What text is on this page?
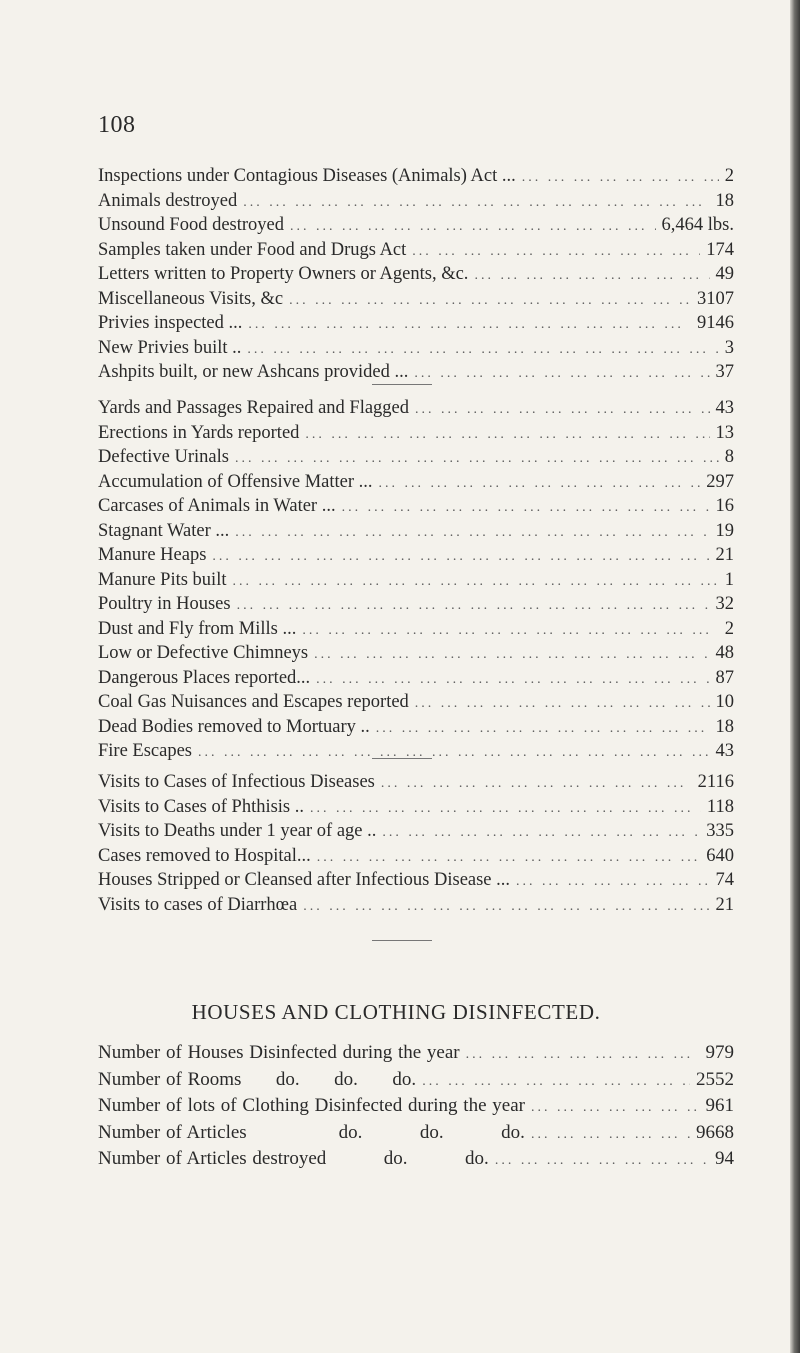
108
Inspections under Contagious Diseases (Animals) Act ... ... .	2
Animals destroyed ... .	18
Unsound Food destroyed ... .	6,464 lbs.
Samples taken under Food and Drugs Act ... .	174
Letters written to Property Owners or Agents, &c. ... .	49
Miscellaneous Visits, &c ... .	3107
Privies inspected ... ... .	9146
New Privies built .. ... .	3
Ashpits built, or new Ashcans provided ... ... .	37
Yards and Passages Repaired and Flagged ... .	43
Erections in Yards reported ... .	13
Defective Urinals ... .	8
Accumulation of Offensive Matter ... ... .	297
Carcases of Animals in Water ... ... .	16
Stagnant Water ... ... .	19
Manure Heaps ... .	21
Manure Pits built ... .	1
Poultry in Houses ... .	32
Dust and Fly from Mills ... ... .	2
Low or Defective Chimneys ... .	48
Dangerous Places reported... ... .	87
Coal Gas Nuisances and Escapes reported ... .	10
Dead Bodies removed to Mortuary .. ... .	18
Fire Escapes ... .	43
Visits to Cases of Infectious Diseases ... .	2116
Visits to Cases of Phthisis .. ... .	118
Visits to Deaths under 1 year of age .. ... .	335
Cases removed to Hospital... ... .	640
Houses Stripped or Cleansed after Infectious Disease ... ... .	74
Visits to cases of Diarrhœa ... .	21
HOUSES AND CLOTHING DISINFECTED.
Number of Houses Disinfected during the year ... .	979
Number of Rooms      do.      do.      do. ... .	2552
Number of lots of Clothing Disinfected during the year ... .	961
Number of Articles                do.          do.          do. ... .	9668
Number of Articles destroyed          do.          do. ... .	94
